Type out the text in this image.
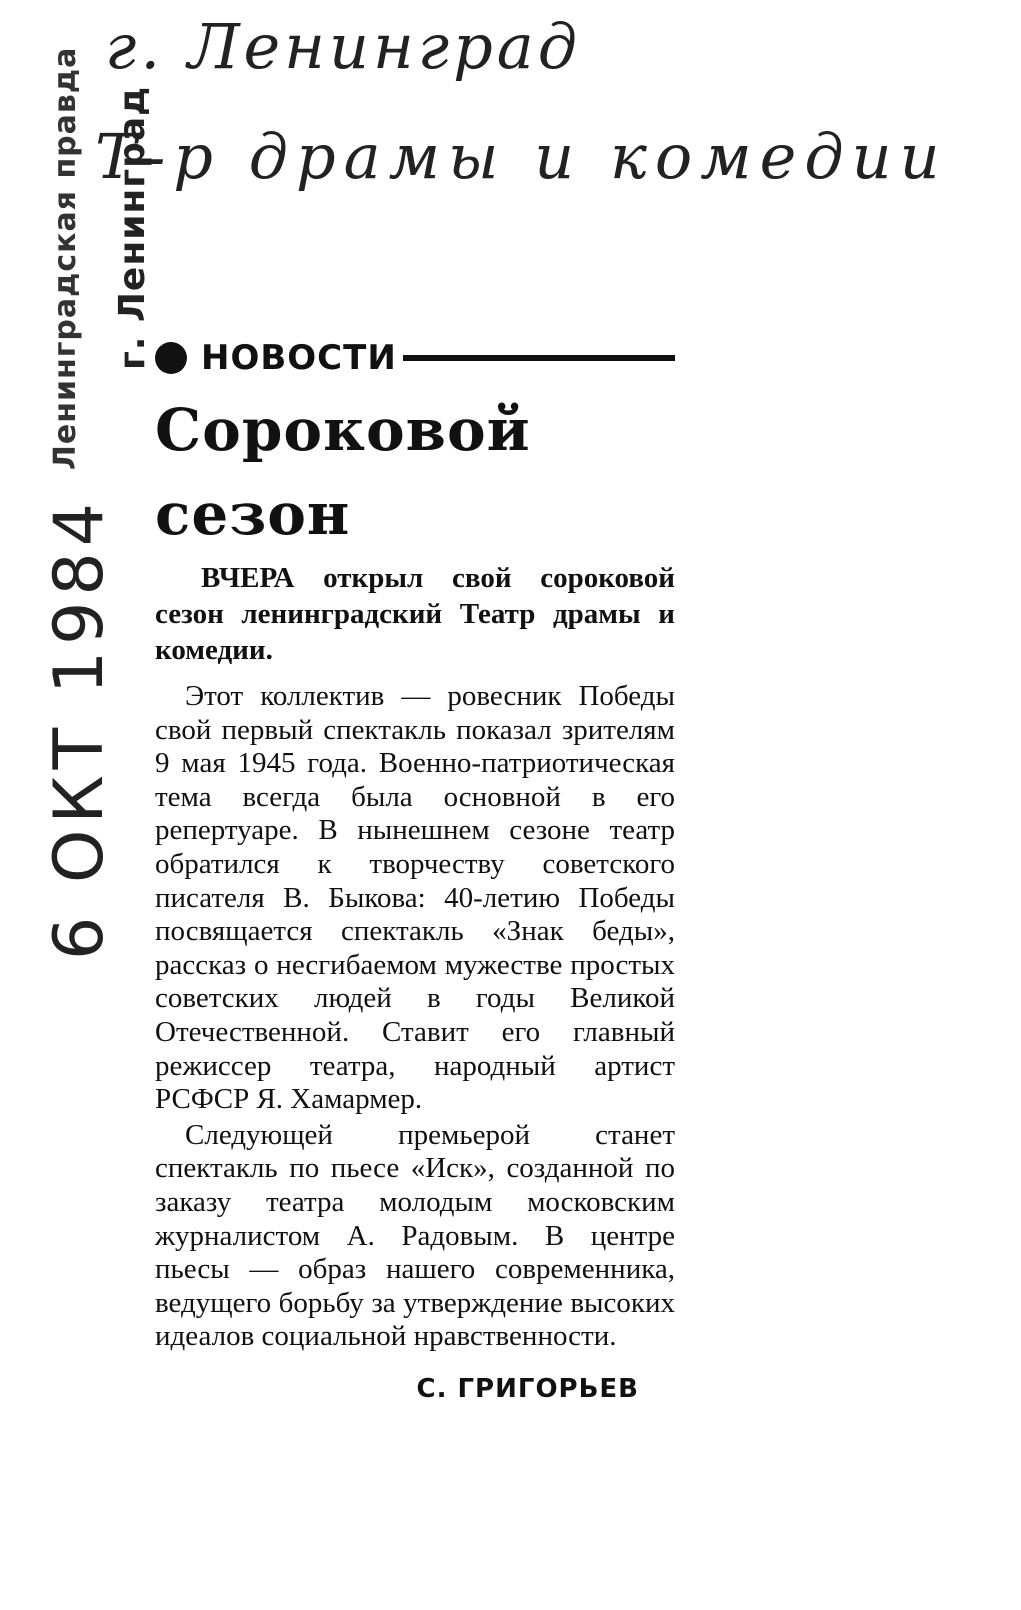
г. Ленинград
Т-р драмы и комедии
Ленинградская правда г. Ленинград
6 ОКТ 1984
НОВОСТИ
Сороковой сезон

ВЧЕРА открыл свой сороковой сезон ленинградский Театр драмы и комедии.

Этот коллектив — ровесник Победы свой первый спектакль показал зрителям 9 мая 1945 года. Военно-патриотическая тема всегда была основной в его репертуаре. В нынешнем сезоне театр обратился к творчеству советского писателя В. Быкова: 40-летию Победы посвящается спектакль «Знак беды», рассказ о несгибаемом мужестве простых советских людей в годы Великой Отечественной. Ставит его главный режиссер театра, народный артист РСФСР Я. Хамармер.

Следующей премьерой станет спектакль по пьесе «Иск», созданной по заказу театра молодым московским журналистом А. Радовым. В центре пьесы — образ нашего современника, ведущего борьбу за утверждение высоких идеалов социальной нравственности.

С. ГРИГОРЬЕВ
